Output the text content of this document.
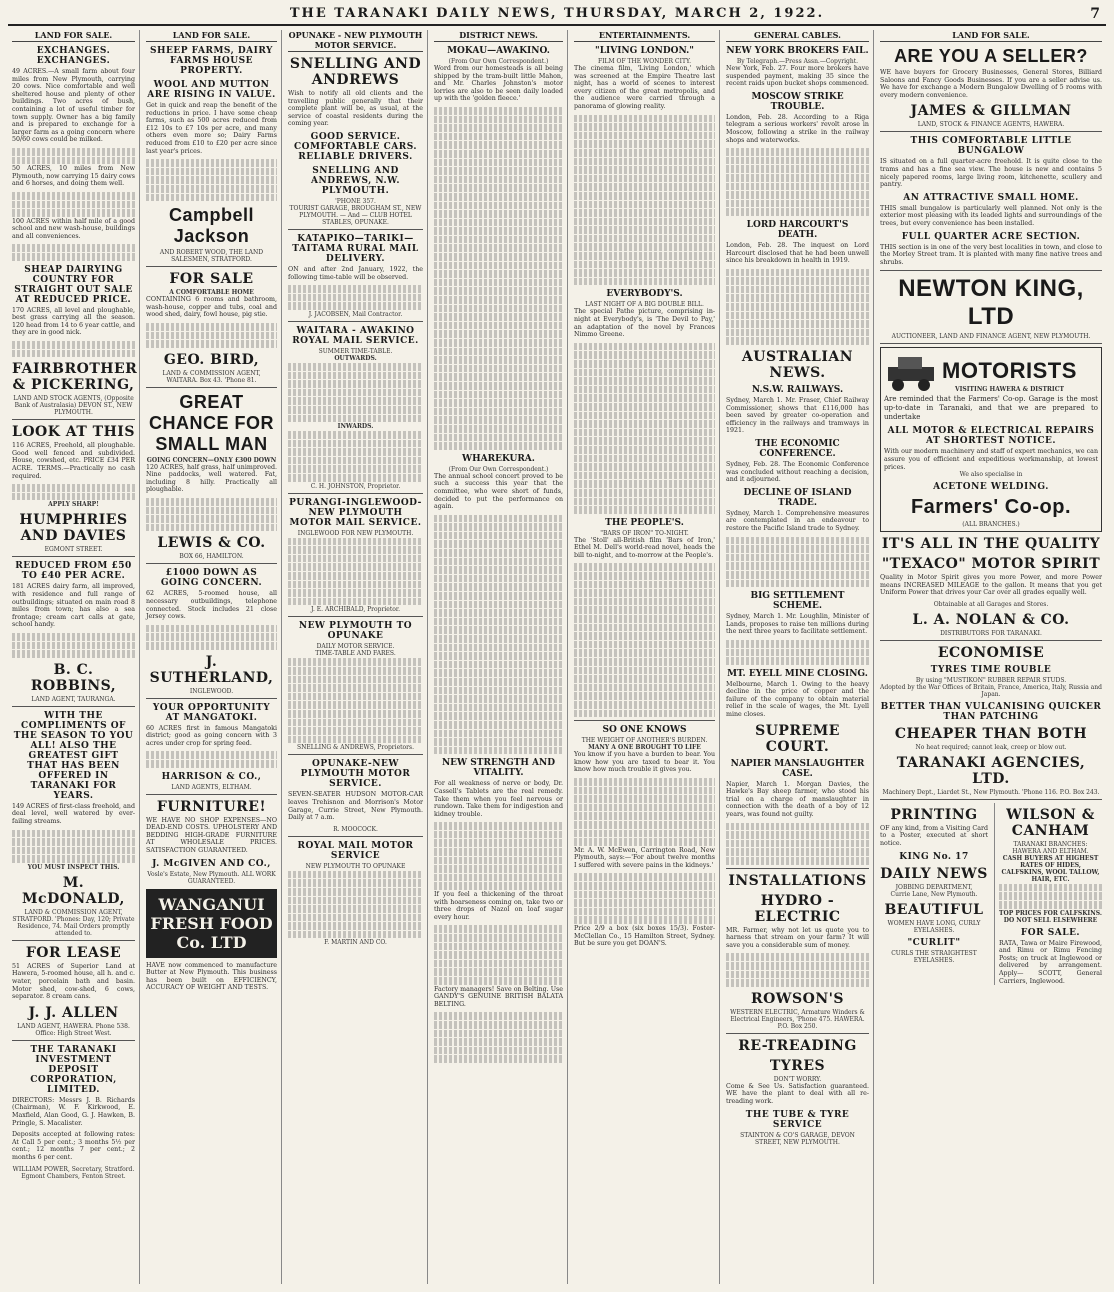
THE TARANAKI DAILY NEWS, THURSDAY, MARCH 2, 1922.	7
LAND FOR SALE.
EXCHANGES. EXCHANGES.
49 ACRES.—A small farm about four miles from New Plymouth, carrying 20 cows. Nice comfortable and well sheltered house and plenty of other buildings. Two acres of bush, containing a lot of useful timber for town supply. Owner has a big family and is prepared to exchange for a larger farm as a going concern where 50/60 cows could be milked.
50 ACRES, 10 miles from New Plymouth, now carrying 15 dairy cows and 6 horses, and doing them well.
100 ACRES within half mile of a good school and new wash-house, buildings and all conveniences.
SHEAP DAIRYING COUNTRY FOR STRAIGHT OUT SALE AT REDUCED PRICE.
170 ACRES, all level and ploughable, best grass carrying all the season. 120 head from 14 to 6 year cattle, and they are in good nick.
FAIRBROTHER & PICKERING,
LAND AND STOCK AGENTS, (Opposite Bank of Australasia) DEVON ST., NEW PLYMOUTH.
LOOK AT THIS
116 ACRES, Freehold, all ploughable. Good well fenced and subdivided. House, cowshed, etc. PRICE £34 PER ACRE. TERMS.—Practically no cash required.
APPLY SHARP!
HUMPHRIES AND DAVIES
EGMONT STREET.
REDUCED FROM £50 TO £40 PER ACRE.
181 ACRES dairy farm, all improved, with residence and full range of outbuildings; situated on main road 8 miles from town; has also a sea frontage; cream cart calls at gate, school handy.
B. C. ROBBINS,
LAND AGENT, TAURANGA.
WITH THE COMPLIMENTS OF THE SEASON TO YOU ALL! ALSO THE GREATEST GIFT THAT HAS BEEN OFFERED IN TARANAKI FOR YEARS.
149 ACRES of first-class freehold, and deal level, well watered by ever-failing streams.
YOU MUST INSPECT THIS.
M. McDONALD,
LAND & COMMISSION AGENT, STRATFORD. 'Phones: Day, 120; Private Residence, 74. Mail Orders promptly attended to.
FOR LEASE
51 ACRES of Superior Land at Hawera, 5-roomed house, all h. and c. water, porcelain bath and basin. Motor shed, cow-shed, 6 cows, separator. 8 cream cans.
J. J. ALLEN
LAND AGENT, HAWERA. Phone 538. Office: High Street West.
THE TARANAKI INVESTMENT DEPOSIT CORPORATION, LIMITED.
DIRECTORS: Messrs J. B. Richards (Chairman), W. F. Kirkwood, E. Maxfield, Alan Good, G. J. Hawken, B. Pringle, S. Macalister.
Deposits accepted at following rates: At Call 5 per cent.; 3 months 5½ per cent.; 12 months 7 per cent.; 2 months 6 per cent.
WILLIAM POWER, Secretary, Stratford. Egmont Chambers, Fenton Street.
LAND FOR SALE.
SHEEP FARMS, DAIRY FARMS HOUSE PROPERTY.
WOOL AND MUTTON ARE RISING IN VALUE.
Get in quick and reap the benefit of the reductions in price. I have some cheap farms, such as 500 acres reduced from £12 10s to £7 10s per acre, and many others even more so; Dairy Farms reduced from £10 to £20 per acre since last year's prices.
Campbell Jackson
AND ROBERT WOOD, THE LAND SALESMEN, STRATFORD.
FOR SALE
A COMFORTABLE HOME
CONTAINING 6 rooms and bathroom, wash-house, copper and tubs, coal and wood shed, dairy, fowl house, pig stie.
GEO. BIRD,
LAND & COMMISSION AGENT, WAITARA. Box 43. 'Phone 81.
GREAT CHANCE FOR SMALL MAN
GOING CONCERN—ONLY £300 DOWN
120 ACRES, half grass, half unimproved. Nine paddocks, well watered. Fat, including 8 hilly. Practically all ploughable.
LEWIS & CO.
BOX 66, HAMILTON.
£1000 DOWN AS GOING CONCERN.
62 ACRES, 5-roomed house, all necessary outbuildings, telephone connected. Stock includes 21 close Jersey cows.
J. SUTHERLAND,
INGLEWOOD.
YOUR OPPORTUNITY AT MANGATOKI.
60 ACRES first in famous Mangatoki district; good as going concern with 3 acres under crop for spring feed.
HARRISON & CO.,
LAND AGENTS, ELTHAM.
FURNITURE!
WE HAVE NO SHOP EXPENSES—NO DEAD-END COSTS. UPHOLSTERY AND BEDDING HIGH-GRADE FURNITURE AT WHOLESALE PRICES. SATISFACTION GUARANTEED.
J. McGIVEN AND CO.,
Vosle's Estate, New Plymouth. ALL WORK GUARANTEED.
WANGANUI FRESH FOOD Co. LTD
HAVE now commenced to manufacture Butter at New Plymouth. This business has been built on EFFICIENCY, ACCURACY OF WEIGHT AND TESTS.
OPUNAKE - NEW PLYMOUTH MOTOR SERVICE.
SNELLING AND ANDREWS
Wish to notify all old clients and the travelling public generally that their complete plant will be, as usual, at the service of coastal residents during the coming year.
GOOD SERVICE. COMFORTABLE CARS. RELIABLE DRIVERS.
SNELLING AND ANDREWS, N.W. PLYMOUTH.
'PHONE 357.
TOURIST GARAGE, BROUGHAM ST., NEW PLYMOUTH. — And — CLUB HOTEL STABLES, OPUNAKE.
KATAPIKO—TARIKI—TAITAMA RURAL MAIL DELIVERY.
ON and after 2nd January, 1922, the following time-table will be observed.
J. JACOBSEN, Mail Contractor.
WAITARA - AWAKINO ROYAL MAIL SERVICE.
SUMMER TIME-TABLE.
OUTWARDS.
INWARDS.
C. H. JOHNSTON, Proprietor.
PURANGI-INGLEWOOD-NEW PLYMOUTH MOTOR MAIL SERVICE.
INGLEWOOD FOR NEW PLYMOUTH.
J. E. ARCHIBALD, Proprietor.
NEW PLYMOUTH TO OPUNAKE
DAILY MOTOR SERVICE.
TIME-TABLE AND FARES.
SNELLING & ANDREWS, Proprietors.
OPUNAKE-NEW PLYMOUTH MOTOR SERVICE.
SEVEN-SEATER HUDSON MOTOR-CAR leaves Trehisnon and Morrison's Motor Garage, Currie Street, New Plymouth. Daily at 7 a.m.
R. MOOCOCK.
ROYAL MAIL MOTOR SERVICE
NEW PLYMOUTH TO OPUNAKE
F. MARTIN AND CO.
DISTRICT NEWS.
MOKAU—AWAKINO.
(From Our Own Correspondent.)
Word from our homesteads is all being shipped by the tram-built little Mahon, and Mr. Charles Johnston's motor lorries are also to be seen daily loaded up with the 'golden fleece.'
WHAREKURA.
(From Our Own Correspondent.)
The annual school concert proved to be such a success this year that the committee, who were short of funds, decided to put the performance on again.
NEW STRENGTH AND VITALITY.
For all weakness of nerve or body, Dr. Cassell's Tablets are the real remedy. Take them when you feel nervous or rundown. Take them for indigestion and kidney trouble.
If you feel a thickening of the throat with hoarseness coming on, take two or three drops of Nazol on loaf sugar every hour.
Factory managers! Save on Belting. Use GANDY'S GENUINE BRITISH BALATA BELTING.
ENTERTAINMENTS.
"LIVING LONDON."
FILM OF THE WONDER CITY.
The cinema film, 'Living London,' which was screened at the Empire Theatre last night, has a world of scenes to interest every citizen of the great metropolis, and the audience were carried through a panorama of glowing reality.
EVERYBODY'S.
LAST NIGHT OF A BIG DOUBLE BILL.
The special Pathe picture, comprising in-night at Everybody's, is 'The Devil to Pay,' an adaptation of the novel by Frances Nimmo Greene.
THE PEOPLE'S.
"BARS OF IRON" TO-NIGHT.
The 'Stoll' all-British film 'Bars of Iron,' Ethel M. Dell's world-read novel, heads the bill to-night, and to-morrow at the People's.
SO ONE KNOWS
THE WEIGHT OF ANOTHER'S BURDEN.
MANY A ONE BROUGHT TO LIFE
You know if you have a burden to bear. You know how you are taxed to bear it. You know how much trouble it gives you.
Mr. A. W. McEwen, Carrington Road, New Plymouth, says:—'For about twelve months I suffered with severe pains in the kidneys.'
Price 2/9 a box (six boxes 15/3). Foster-McClellan Co., 15 Hamilton Street, Sydney. But be sure you get DOAN'S.
GENERAL CABLES.
NEW YORK BROKERS FAIL.
By Telegraph.—Press Assn.—Copyright.
New York, Feb. 27. Four more brokers have suspended payment, making 35 since the recent raids upon bucket shops commenced.
MOSCOW STRIKE TROUBLE.
London, Feb. 28. According to a Riga telegram a serious workers' revolt arose in Moscow, following a strike in the railway shops and waterworks.
LORD HARCOURT'S DEATH.
London, Feb. 28. The inquest on Lord Harcourt disclosed that he had been unwell since his breakdown in health in 1919.
AUSTRALIAN NEWS.
N.S.W. RAILWAYS.
Sydney, March 1. Mr. Fraser, Chief Railway Commissioner, shows that £116,000 has been saved by greater co-operation and efficiency in the railways and tramways in 1921.
THE ECONOMIC CONFERENCE.
Sydney, Feb. 28. The Economic Conference was concluded without reaching a decision, and it adjourned.
DECLINE OF ISLAND TRADE.
Sydney, March 1. Comprehensive measures are contemplated in an endeavour to restore the Pacific Island trade to Sydney.
BIG SETTLEMENT SCHEME.
Sydney, March 1. Mr. Loughlin, Minister of Lands, proposes to raise ten millions during the next three years to facilitate settlement.
MT. EYELL MINE CLOSING.
Melbourne, March 1. Owing to the heavy decline in the price of copper and the failure of the company to obtain material relief in the scale of wages, the Mt. Lyell mine closes.
SUPREME COURT.
NAPIER MANSLAUGHTER CASE.
Napier, March 1. Morgan Davies, the Hawke's Bay sheep farmer, who stood his trial on a charge of manslaughter in connection with the death of a boy of 12 years, was found not guilty.
INSTALLATIONS
HYDRO - ELECTRIC
MR. Farmer, why not let us quote you to harness that stream on your farm? It will save you a considerable sum of money.
ROWSON'S
WESTERN ELECTRIC, Armature Winders & Electrical Engineers, 'Phone 475. HAWERA. P.O. Box 250.
RE-TREADING
TYRES
DON'T WORRY.
Come & See Us. Satisfaction guaranteed. WE have the plant to deal with all re-treading work.
THE TUBE & TYRE SERVICE
STAINTON & CO'S GARAGE, DEVON STREET, NEW PLYMOUTH.
LAND FOR SALE.
ARE YOU A SELLER?
WE have buyers for Grocery Businesses, General Stores, Billiard Saloons and Fancy Goods Businesses. If you are a seller advise us. We have for exchange a Modern Bungalow Dwelling of 5 rooms with every modern convenience.
JAMES & GILLMAN
LAND, STOCK & FINANCE AGENTS, HAWERA.
THIS COMFORTABLE LITTLE BUNGALOW
IS situated on a full quarter-acre freehold. It is quite close to the trams and has a fine sea view. The house is new and contains 5 nicely papered rooms, large living room, kitchenette, scullery and pantry.
AN ATTRACTIVE SMALL HOME.
THIS small bungalow is particularly well planned. Not only is the exterior most pleasing with its leaded lights and surroundings of the trees, but every convenience has been installed.
FULL QUARTER ACRE SECTION.
THIS section is in one of the very best localities in town, and close to the Morley Street tram. It is planted with many fine native trees and shrubs.
NEWTON KING, LTD
AUCTIONEER, LAND AND FINANCE AGENT, NEW PLYMOUTH.
MOTORISTS
VISITING HAWERA & DISTRICT
Are reminded that the Farmers' Co-op. Garage is the most up-to-date in Taranaki, and that we are prepared to undertake
ALL MOTOR & ELECTRICAL REPAIRS AT SHORTEST NOTICE.
With our modern machinery and staff of expert mechanics, we can assure you of efficient and expeditious workmanship, at lowest prices.
We also specialise in
ACETONE WELDING.
Farmers' Co-op.
(ALL BRANCHES.)
IT'S ALL IN THE QUALITY
"TEXACO" MOTOR SPIRIT
Quality in Motor Spirit gives you more Power, and more Power means INCREASED MILEAGE to the gallon. It means that you get Uniform Power that drives your Car over all grades equally well.
Obtainable at all Garages and Stores.
L. A. NOLAN & CO.
DISTRIBUTORS FOR TARANAKI.
ECONOMISE
TYRES TIME ROUBLE
By using "MUSTIKON" RUBBER REPAIR STUDS.
Adopted by the War Offices of Britain, France, America, Italy, Russia and Japan.
BETTER THAN VULCANISING QUICKER THAN PATCHING
CHEAPER THAN BOTH
No heat required; cannot leak, creep or blow out.
TARANAKI AGENCIES, LTD.
Machinery Dept., Liardet St., New Plymouth. 'Phone 116. P.O. Box 243.
PRINTING
OF any kind, from a Visiting Card to a Poster, executed at short notice.
KING No. 17
DAILY NEWS
JOBBING DEPARTMENT,
Currie Lane, New Plymouth.
BEAUTIFUL
WOMEN HAVE LONG, CURLY EYELASHES.
"CURLIT"
CURLS THE STRAIGHTEST EYELASHES.
WILSON & CANHAM
TARANAKI BRANCHES: HAWERA AND ELTHAM.
CASH BUYERS AT HIGHEST RATES OF HIDES, CALFSKINS, WOOL TALLOW, HAIR, ETC.
TOP PRICES FOR CALFSKINS. DO NOT SELL ELSEWHERE
FOR SALE.
RATA, Tawa or Maire Firewood, and Rimu or Rimu Fencing Posts; on truck at Inglewood or delivered by arrangement. Apply— SCOTT, General Carriers, Inglewood.
